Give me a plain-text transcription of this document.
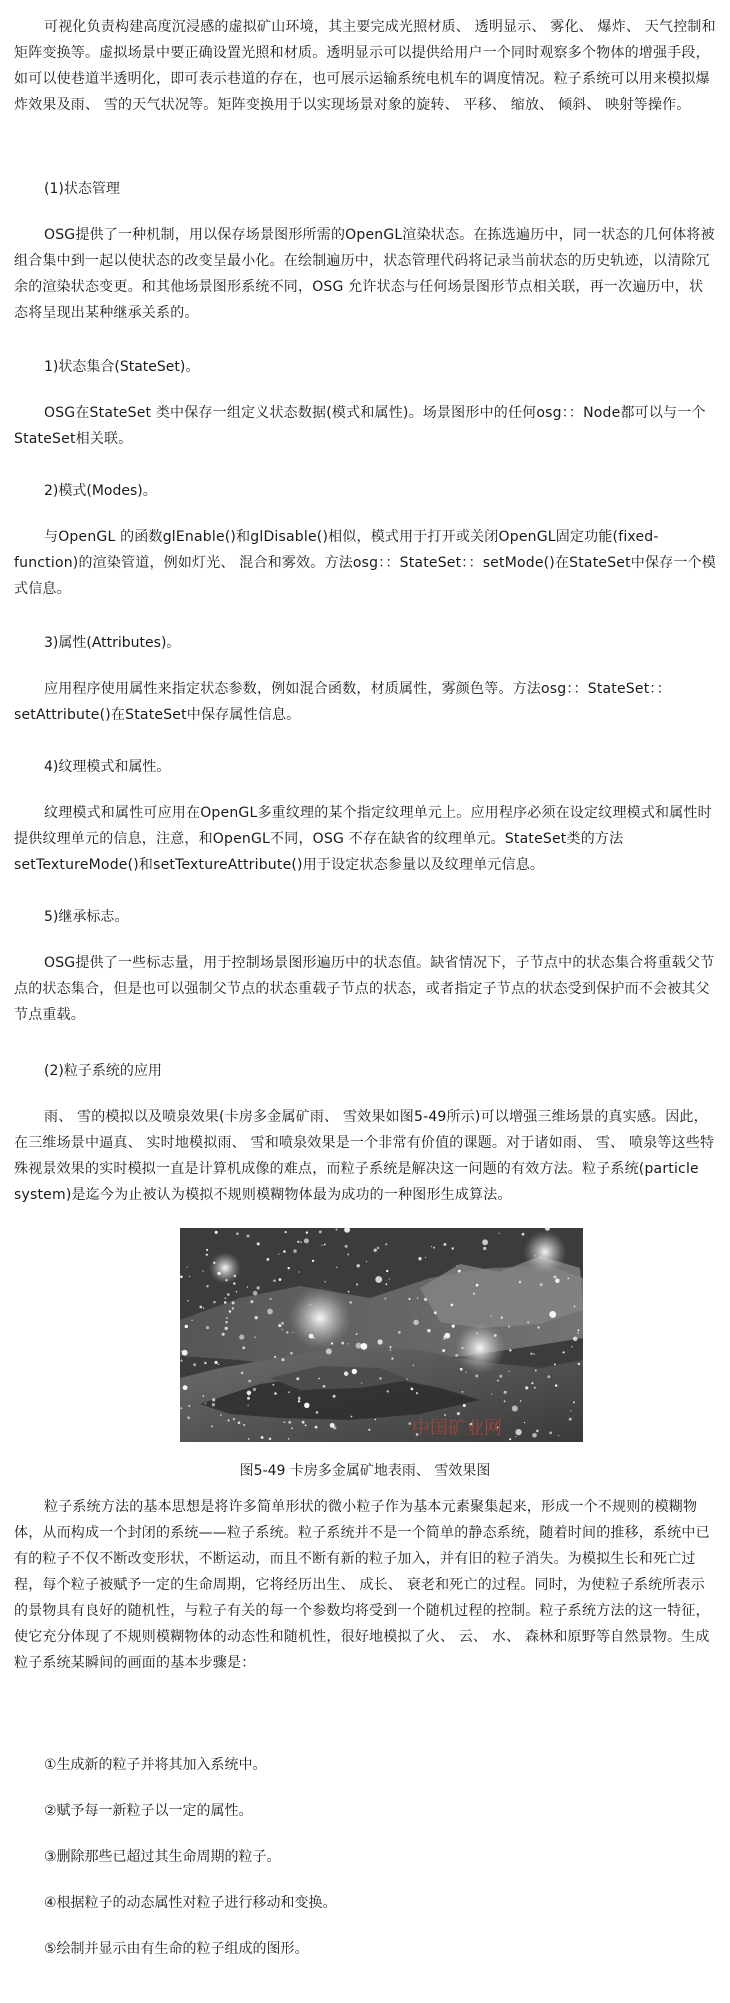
可视化负责构建高度沉浸感的虚拟矿山环境，其主要完成光照材质、 透明显示、 雾化、 爆炸、 天气控制和矩阵变换等。虚拟场景中要正确设置光照和材质。透明显示可以提供给用户一个同时观察多个物体的增强手段，如可以使巷道半透明化，即可表示巷道的存在，也可展示运输系统电机车的调度情况。粒子系统可以用来模拟爆炸效果及雨、 雪的天气状况等。矩阵变换用于以实现场景对象的旋转、 平移、 缩放、 倾斜、 映射等操作。

(1)状态管理

OSG提供了一种机制，用以保存场景图形所需的OpenGL渲染状态。在拣选遍历中，同一状态的几何体将被组合集中到一起以使状态的改变呈最小化。在绘制遍历中，状态管理代码将记录当前状态的历史轨迹，以清除冗余的渲染状态变更。和其他场景图形系统不同，OSG 允许状态与任何场景图形节点相关联，再一次遍历中，状态将呈现出某种继承关系的。

1)状态集合(StateSet)。

OSG在StateSet 类中保存一组定义状态数据(模式和属性)。场景图形中的任何osg：：Node都可以与一个StateSet相关联。

2)模式(Modes)。

与OpenGL 的函数glEnable()和glDisable()相似，模式用于打开或关闭OpenGL固定功能(fixed-function)的渲染管道，例如灯光、 混合和雾效。方法osg：：StateSet：：setMode()在StateSet中保存一个模式信息。

3)属性(Attributes)。

应用程序使用属性来指定状态参数，例如混合函数，材质属性，雾颜色等。方法osg：：StateSet：：setAttribute()在StateSet中保存属性信息。

4)纹理模式和属性。

纹理模式和属性可应用在OpenGL多重纹理的某个指定纹理单元上。应用程序必须在设定纹理模式和属性时提供纹理单元的信息，注意，和OpenGL不同，OSG 不存在缺省的纹理单元。StateSet类的方法setTextureMode()和setTextureAttribute()用于设定状态参量以及纹理单元信息。

5)继承标志。

OSG提供了一些标志量，用于控制场景图形遍历中的状态值。缺省情况下，子节点中的状态集合将重载父节点的状态集合，但是也可以强制父节点的状态重载子节点的状态，或者指定子节点的状态受到保护而不会被其父节点重载。

(2)粒子系统的应用

雨、 雪的模拟以及喷泉效果(卡房多金属矿雨、 雪效果如图5-49所示)可以增强三维场景的真实感。因此，在三维场景中逼真、 实时地模拟雨、 雪和喷泉效果是一个非常有价值的课题。对于诸如雨、 雪、 喷泉等这些特殊视景效果的实时模拟一直是计算机成像的难点，而粒子系统是解决这一问题的有效方法。粒子系统(particle system)是迄今为止被认为模拟不规则模糊物体最为成功的一种图形生成算法。

中国矿业网
图5-49 卡房多金属矿地表雨、 雪效果图

粒子系统方法的基本思想是将许多简单形状的微小粒子作为基本元素聚集起来，形成一个不规则的模糊物体，从而构成一个封闭的系统——粒子系统。粒子系统并不是一个简单的静态系统，随着时间的推移，系统中已有的粒子不仅不断改变形状，不断运动，而且不断有新的粒子加入，并有旧的粒子消失。为模拟生长和死亡过程，每个粒子被赋予一定的生命周期，它将经历出生、 成长、 衰老和死亡的过程。同时，为使粒子系统所表示的景物具有良好的随机性，与粒子有关的每一个参数均将受到一个随机过程的控制。粒子系统方法的这一特征，使它充分体现了不规则模糊物体的动态性和随机性，很好地模拟了火、 云、 水、 森林和原野等自然景物。生成粒子系统某瞬间的画面的基本步骤是：

①生成新的粒子并将其加入系统中。

②赋予每一新粒子以一定的属性。

③删除那些已超过其生命周期的粒子。

④根据粒子的动态属性对粒子进行移动和变换。

⑤绘制并显示由有生命的粒子组成的图形。
